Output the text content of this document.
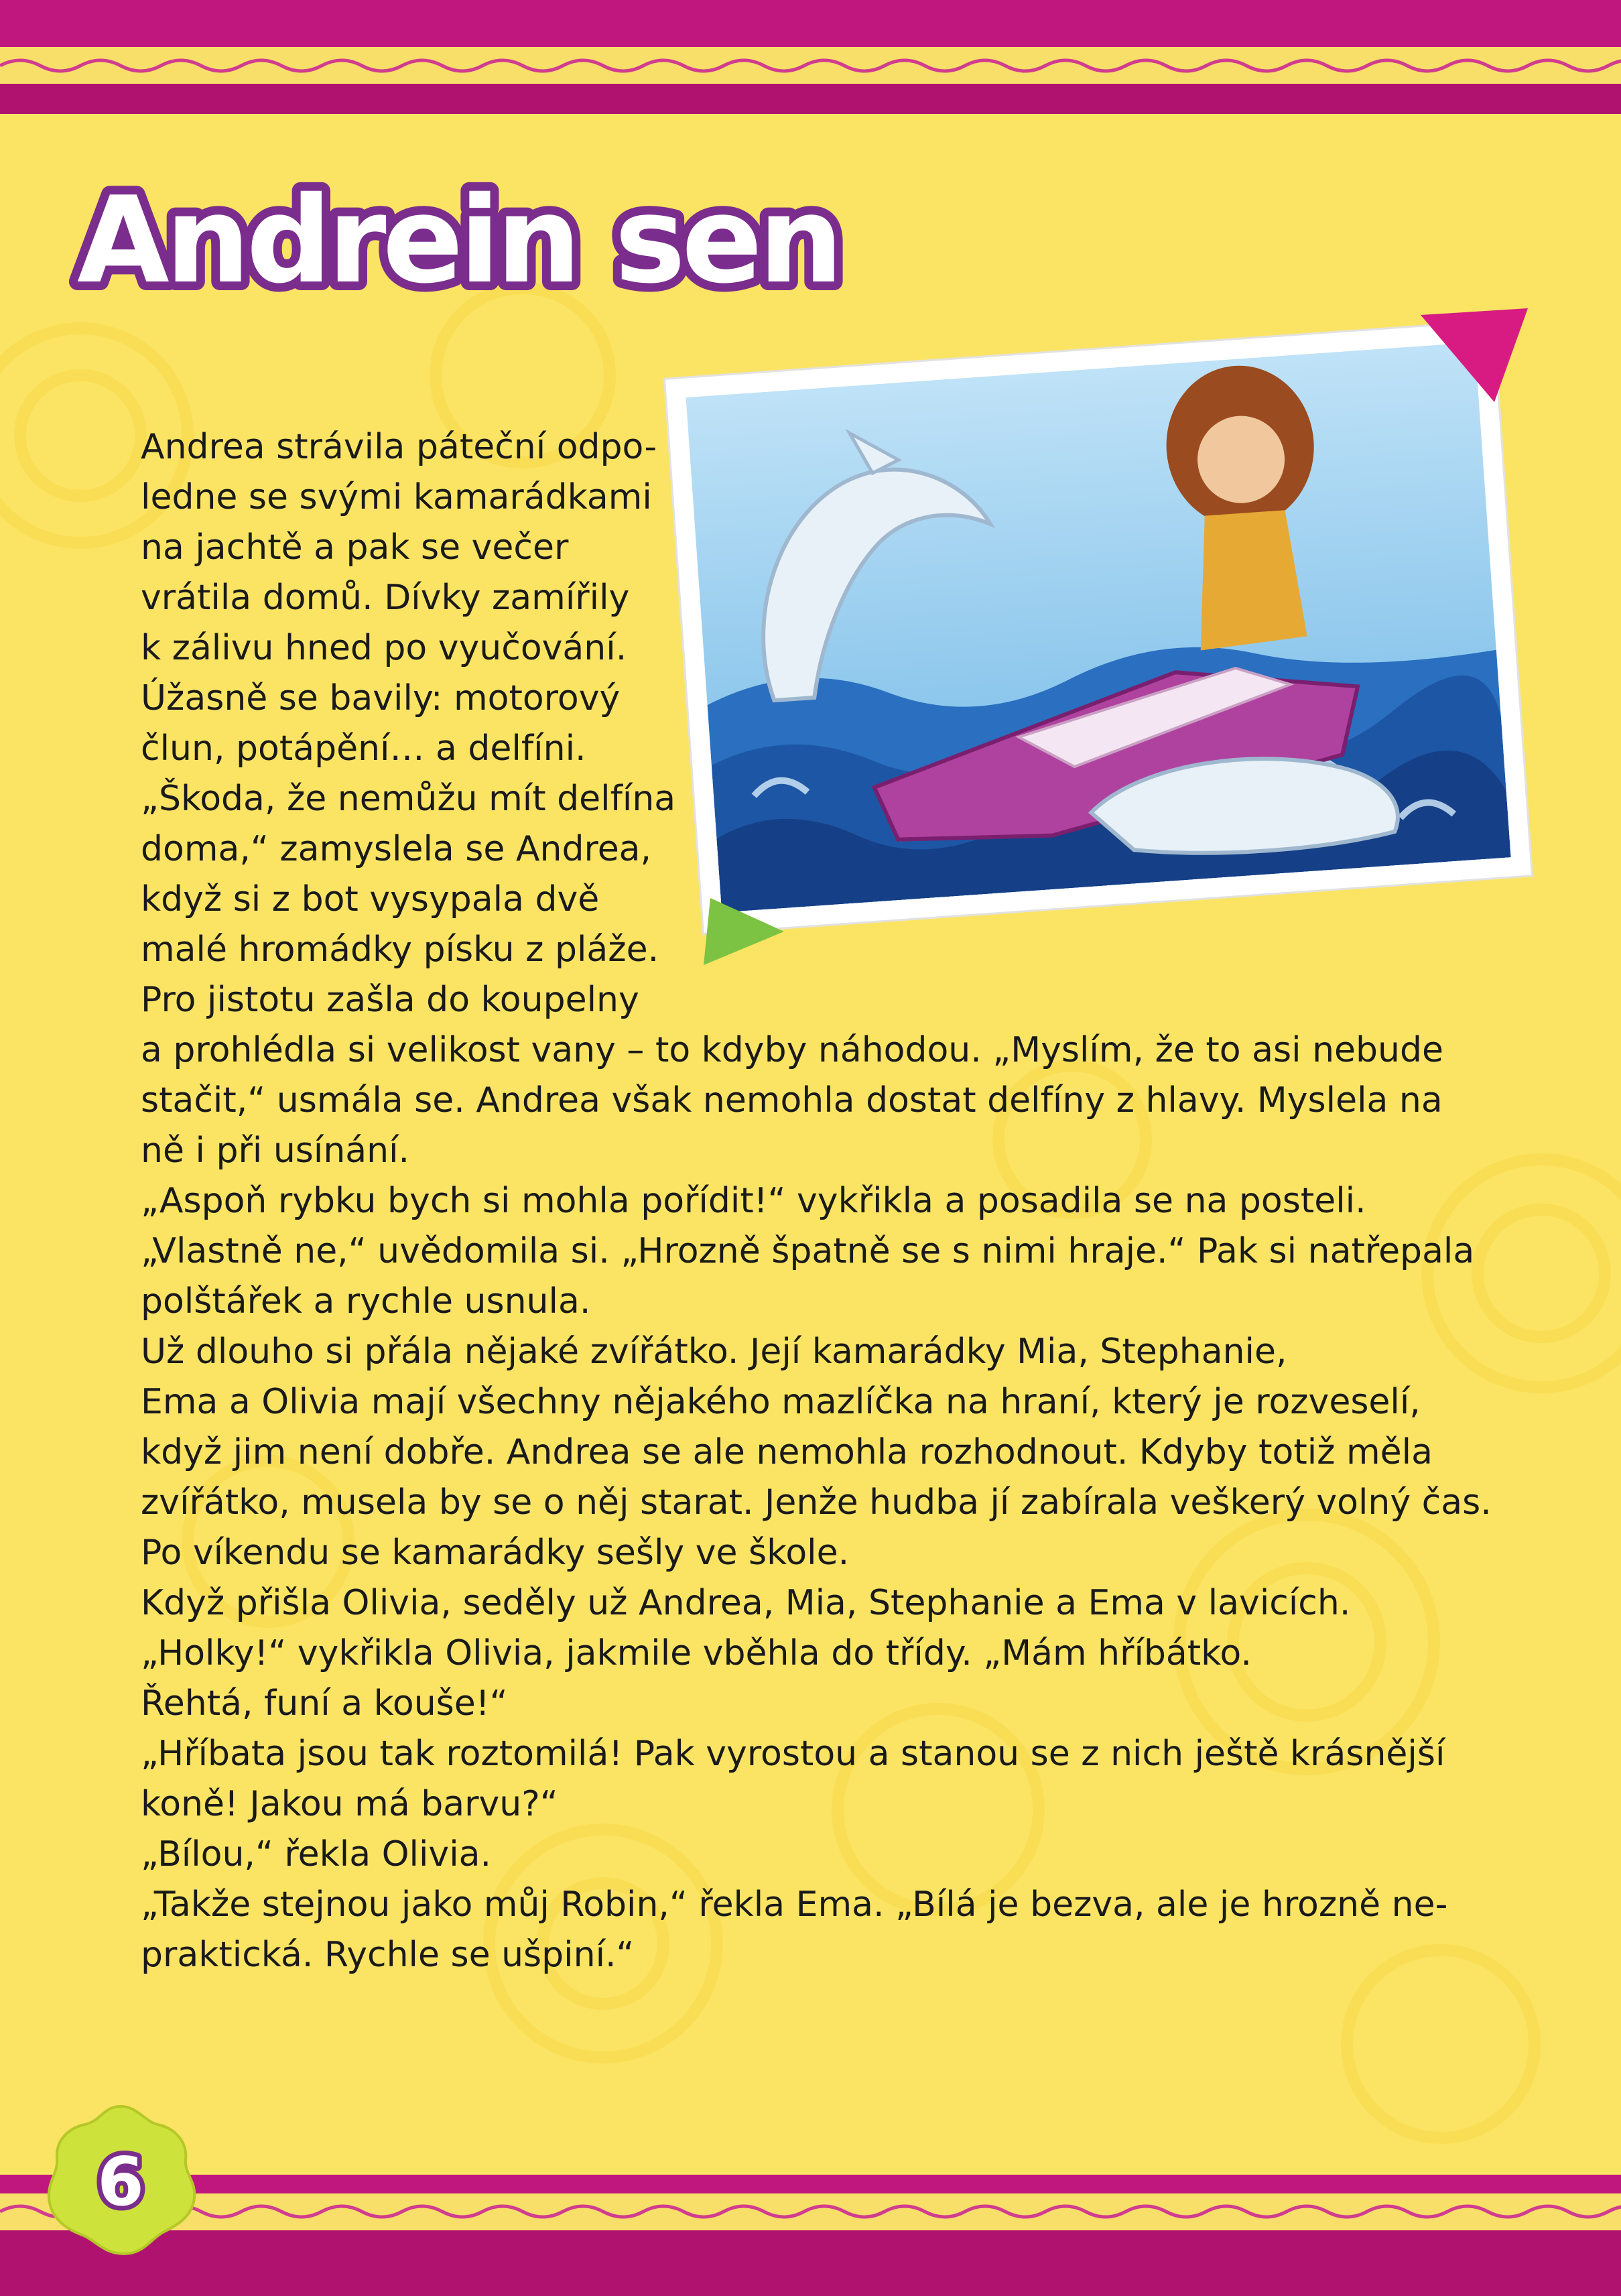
Andrein sen
Andrea strávila páteční odpo-
ledne se svými kamarádkami
na jachtě a pak se večer
vrátila domů. Dívky zamířily
k zálivu hned po vyučování.
Úžasně se bavily: motorový
člun, potápění… a delfíni.
„Škoda, že nemůžu mít delfína
doma,“ zamyslela se Andrea,
když si z bot vysypala dvě
malé hromádky písku z pláže.
Pro jistotu zašla do koupelny
a prohlédla si velikost vany – to kdyby náhodou. „Myslím, že to asi nebude
stačit,“ usmála se. Andrea však nemohla dostat delfíny z hlavy. Myslela na
ně i při usínání.
„Aspoň rybku bych si mohla pořídit!“ vykřikla a posadila se na posteli.
„Vlastně ne,“ uvědomila si. „Hrozně špatně se s nimi hraje.“ Pak si natřepala
polštářek a rychle usnula.
Už dlouho si přála nějaké zvířátko. Její kamarádky Mia, Stephanie,
Ema a Olivia mají všechny nějakého mazlíčka na hraní, který je rozveselí,
když jim není dobře. Andrea se ale nemohla rozhodnout. Kdyby totiž měla
zvířátko, musela by se o něj starat. Jenže hudba jí zabírala veškerý volný čas.
Po víkendu se kamarádky sešly ve škole.
Když přišla Olivia, seděly už Andrea, Mia, Stephanie a Ema v lavicích.
„Holky!“ vykřikla Olivia, jakmile vběhla do třídy. „Mám hříbátko.
Řehtá, funí a kouše!“
„Hříbata jsou tak roztomilá! Pak vyrostou a stanou se z nich ještě krásnější
koně! Jakou má barvu?“
„Bílou,“ řekla Olivia.
„Takže stejnou jako můj Robin,“ řekla Ema. „Bílá je bezva, ale je hrozně ne-
praktická. Rychle se ušpiní.“
6
